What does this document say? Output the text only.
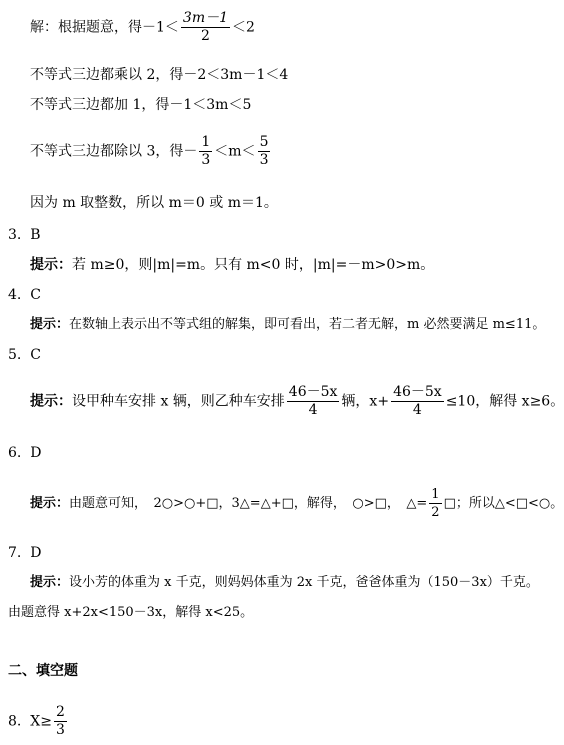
解：根据题意，得$-1< \frac{3m-1}{2} <2$
不等式三边都乘以 2，得－2＜3m－1＜4
不等式三边都加 1，得－1＜3m＜5
不等式三边都除以 3，得－ $\frac{1}{3} <m< \frac{5}{3}$
因为 m 取整数，所以 m＝0 或 m＝1。
3. B
提示：若 m≥0，则|m|=m。只有 m<0 时，|m|=－m>0>m。
4. C
提示：在数轴上表示出不等式组的解集，即可看出，若二者无解，m 必然要满足 m≤11。
5. C
提示：设甲种车安排 x 辆，则乙种车安排 $\frac{46-5x}{4}$ 辆，$x+ \frac{46-5x}{4} \le 10$，解得 x≥6。
6. D
提示：由题意可知，　2○>○+□，3△=△+□，解得，　○>□，　△= $\frac{1}{2}$ □；所以△<□<○。
7. D
提示：设小芳的体重为 x 千克，则妈妈体重为 2x 千克，爸爸体重为（150－3x）千克。
由题意得 x+2x<150－3x，解得 x<25。
二、填空题
8. $X\ge \frac{2}{3}$
